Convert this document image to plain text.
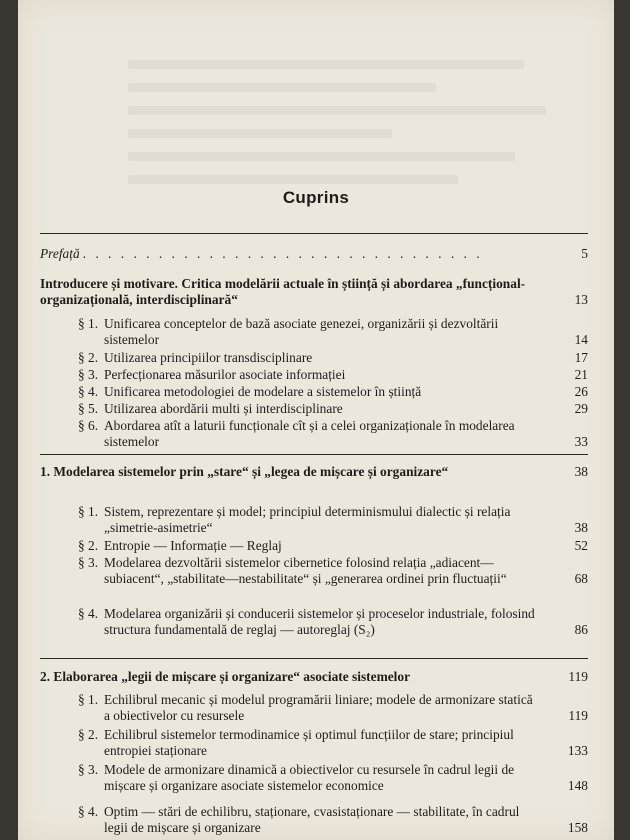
Cuprins
Prefață . . . . . . . . . . . . . . . . . . . . . . . . . . . . . . . .	5
Introducere și motivare. Critica modelării actuale în știință și abordarea „funcțional-organizațională, interdisciplinară“	13
§ 1. Unificarea conceptelor de bază asociate genezei, organizării și dezvoltării sistemelor	14
§ 2. Utilizarea principiilor transdisciplinare	17
§ 3. Perfecționarea măsurilor asociate informației	21
§ 4. Unificarea metodologiei de modelare a sistemelor în știință	26
§ 5. Utilizarea abordării multi și interdisciplinare	29
§ 6. Abordarea atît a laturii funcționale cît și a celei organizaționale în modelarea sistemelor	33
1. Modelarea sistemelor prin „stare“ și „legea de mișcare și organizare“	38
§ 1. Sistem, reprezentare și model; principiul determinismului dialectic și relația „simetrie-asimetrie“	38
§ 2. Entropie — Informație — Reglaj	52
§ 3. Modelarea dezvoltării sistemelor cibernetice folosind relația „adiacent—subiacent“, „stabilitate—nestabilitate“ și „generarea ordinei prin fluctuații“	68
§ 4. Modelarea organizării și conducerii sistemelor și proceselor industriale, folosind structura fundamentală de reglaj — autoreglaj (S₂)	86
2. Elaborarea „legii de mișcare și organizare“ asociate sistemelor	119
§ 1. Echilibrul mecanic și modelul programării liniare; modele de armonizare statică a obiectivelor cu resursele	119
§ 2. Echilibrul sistemelor termodinamice și optimul funcțiilor de stare; principiul entropiei staționare	133
§ 3. Modele de armonizare dinamică a obiectivelor cu resursele în cadrul legii de mișcare și organizare asociate sistemelor economice	148
§ 4. Optim — stări de echilibru, staționare, cvasistaționare — stabilitate, în cadrul legii de mișcare și organizare	158
